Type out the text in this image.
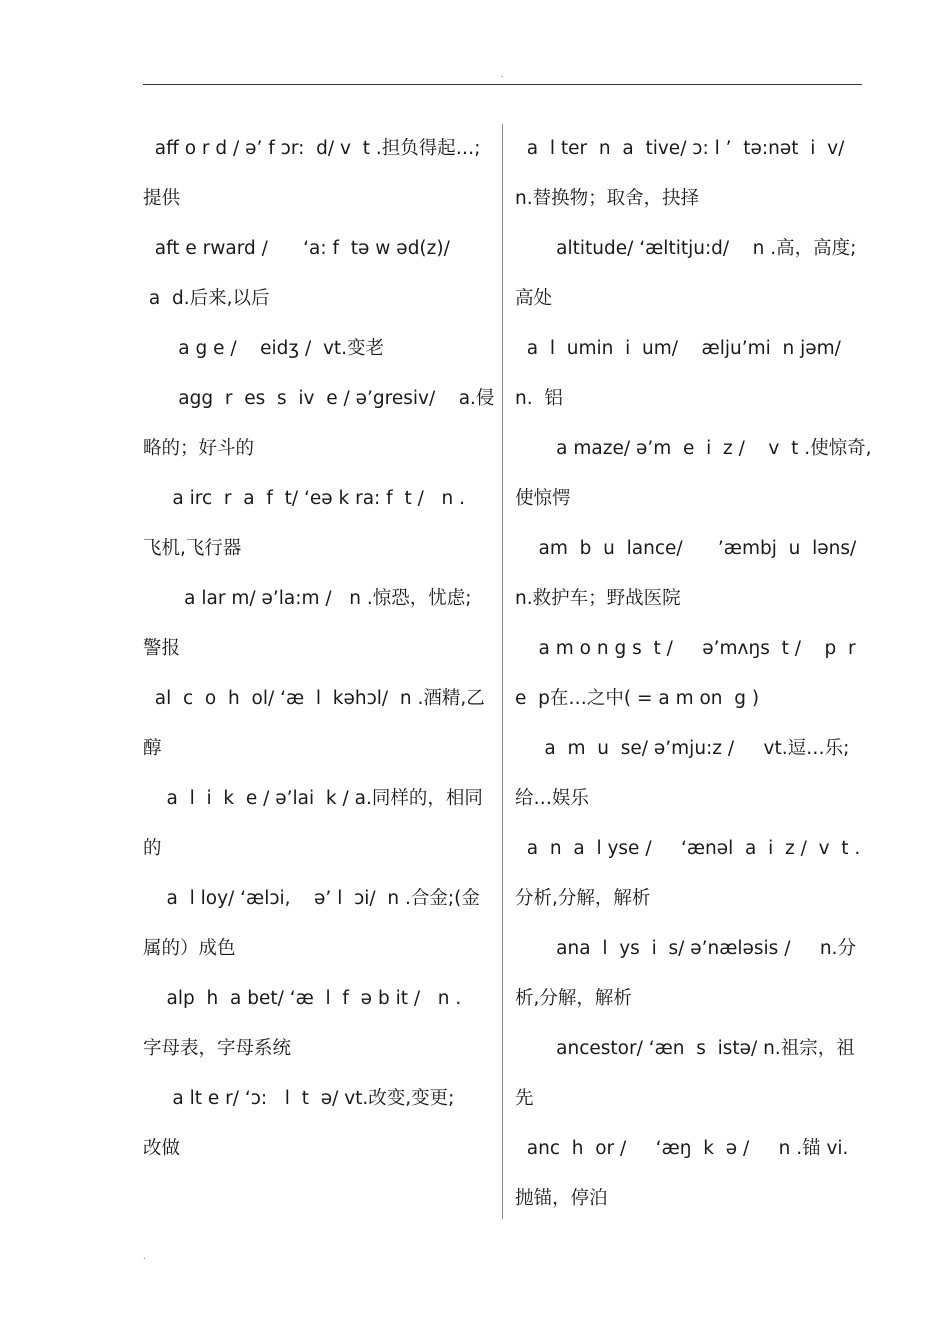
.
aff o r d / ə’ f ɔr:  d/ v  t .担负得起…;
提供
aft e rward /      ‘a: f  tə w əd(z)/
a  d.后来,以后
a g e /    eidʒ /  vt.变老
agg  r  es  s  iv  e / ə’gresiv/    a.侵
略的；好斗的
a irc  r  a  f  t/ ‘eə k ra: f  t /   n .
飞机,飞行器
a lar m/ ə’la:m /   n .惊恐，忧虑;
警报
al  c  o  h  ol/ ‘æ  l  kəhɔl/  n .酒精,乙
醇
a  l  i  k  e / ə’lai  k / a.同样的，相同
的
a  l loy/ ‘ælɔi,    ə’ l  ɔi/  n .合金;(金
属的）成色
alp  h  a bet/ ‘æ  l  f  ə b it /   n .
字母表，字母系统
a lt e r/ ‘ɔ:   l  t  ə/ vt.改变,变更;
改做
a  l ter  n  a  tive/ ɔ: l ’  tə:nət  i  v/
n.替换物；取舍，抉择
altitude/ ‘æltitju:d/    n .高，高度;
高处
a  l  umin  i  um/    ælju’mi  n jəm/
n.  铝
a maze/ ə’m  e  i  z /    v  t .使惊奇,
使惊愕
am  b  u  lance/      ’æmbj  u  ləns/
n.救护车；野战医院
a m o n g s  t /     ə’mʌŋs  t /    p  r
e  p在…之中( = a m on  g )
a  m  u  se/ ə’mju:z /     vt.逗…乐;
给…娱乐
a  n  a  l yse /     ‘ænəl  a  i  z /  v  t .
分析,分解，解析
ana  l  ys  i  s/ ə’næləsis /     n.分
析,分解，解析
ancestor/ ‘æn  s  istə/ n.祖宗，祖
先
anc  h  or /     ‘æŋ  k  ə /     n .锚 vi.
抛锚，停泊
.
